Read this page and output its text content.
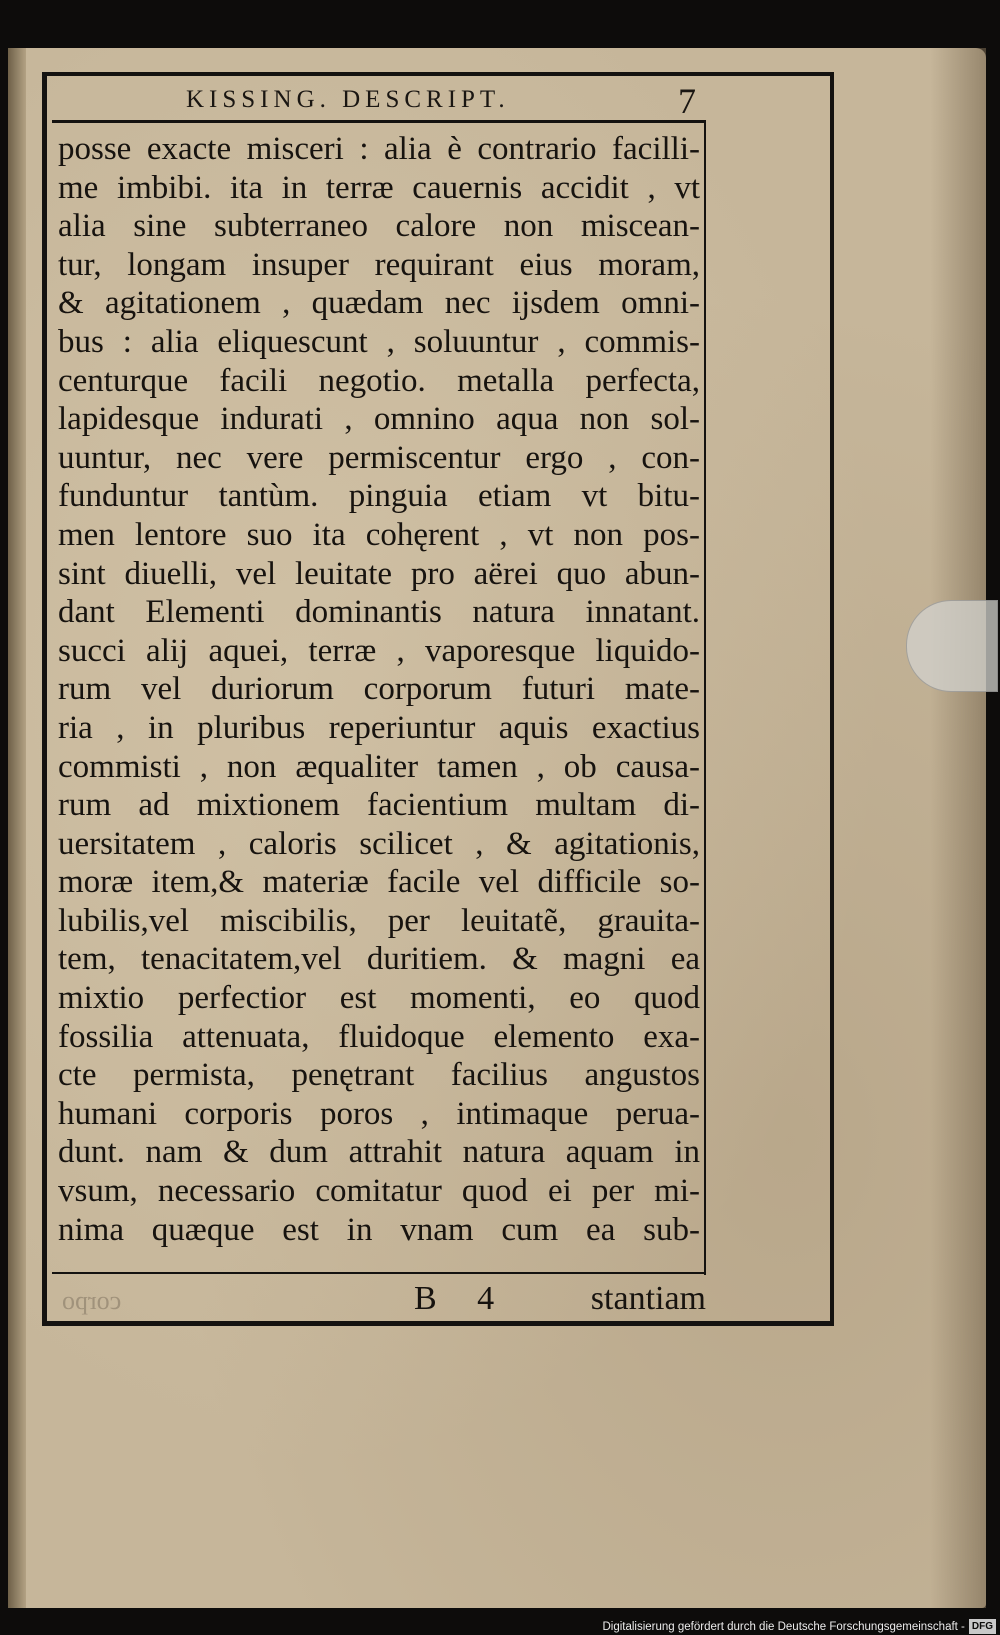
KISSING. DESCRIPT.	7
posse exacte misceri : alia è contrario facilli-
me imbibi. ita in terræ cauernis accidit , vt
alia sine subterraneo calore non miscean-
tur, longam insuper requirant eius moram,
& agitationem , quædam nec ijsdem omni-
bus : alia eliquescunt , soluuntur , commis-
centurque facili negotio. metalla perfecta,
lapidesque indurati , omnino aqua non sol-
uuntur, nec vere permiscentur ergo , con-
funduntur tantùm. pinguia etiam vt bitu-
men lentore suo ita cohęrent , vt non pos-
sint diuelli, vel leuitate pro aërei quo abun-
dant Elementi dominantis natura innatant.
succi alij aquei, terræ , vaporesque liquido-
rum vel duriorum corporum futuri mate-
ria , in pluribus reperiuntur aquis exactius
commisti , non æqualiter tamen , ob causa-
rum ad mixtionem facientium multam di-
uersitatem , caloris scilicet , & agitationis,
moræ item,& materiæ facile vel difficile so-
lubilis,vel miscibilis, per leuitatẽ, grauita-
tem, tenacitatem,vel duritiem. & magni ea
mixtio perfectior est momenti, eo quod
fossilia attenuata, fluidoque elemento exa-
cte permista, penętrant facilius angustos
humani corporis poros , intimaque perua-
dunt. nam & dum attrahit natura aquam in
vsum, necessario comitatur quod ei per mi-
nima quæque est in vnam cum ea sub-
corpo	B 4 stantiam
Digitalisierung gefördert durch die Deutsche Forschungsgemeinschaft - DFG
